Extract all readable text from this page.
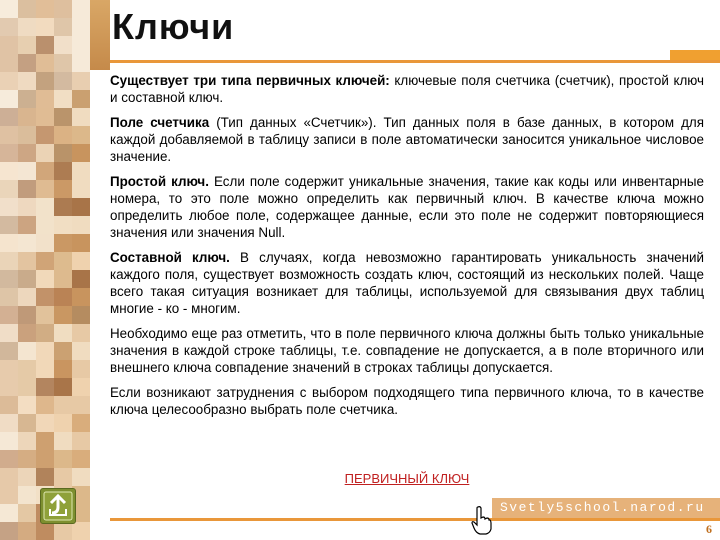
Ключи

Существует три типа первичных ключей: ключевые поля счетчика (счетчик), простой ключ и составной ключ.

Поле счетчика (Тип данных «Счетчик»). Тип данных поля в базе данных, в котором для каждой добавляемой в таблицу записи в поле автоматически заносится уникальное числовое значение.

Простой ключ. Если поле содержит уникальные значения, такие как коды или инвентарные номера, то это поле можно определить как первичный ключ. В качестве ключа можно определить любое поле, содержащее данные, если это поле не содержит повторяющиеся значения или значения Null.

Составной ключ. В случаях, когда невозможно гарантировать уникальность значений каждого поля, существует возможность создать ключ, состоящий из нескольких полей. Чаще всего такая ситуация возникает для таблицы, используемой для связывания двух таблиц многие - ко - многим.

Необходимо еще раз отметить, что в поле первичного ключа должны быть только уникальные значения в каждой строке таблицы, т.е. совпадение не допускается, а в поле вторичного или внешнего ключа совпадение значений в строках таблицы допускается.

Если возникают затруднения с выбором подходящего типа первичного ключа, то в качестве ключа целесообразно выбрать поле счетчика.

ПЕРВИЧНЫЙ КЛЮЧ
Svetly5school.narod.ru
6
